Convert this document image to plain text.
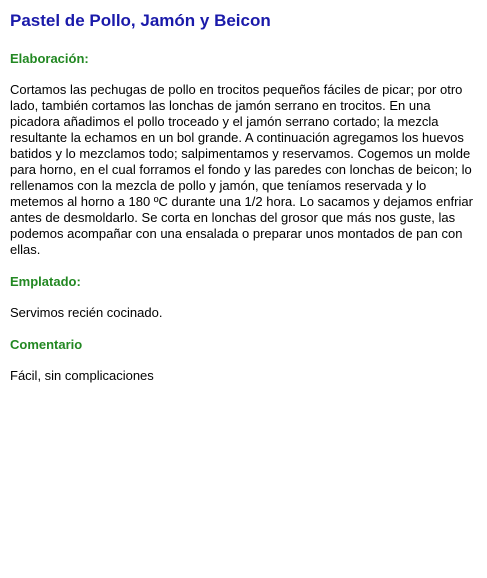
Pastel de Pollo, Jamón y Beicon
Elaboración:

Cortamos las pechugas de pollo en trocitos pequeños fáciles de picar; por otro lado, también cortamos las lonchas de jamón serrano en trocitos. En una picadora añadimos el pollo troceado y el jamón serrano cortado; la mezcla resultante la echamos en un bol grande. A continuación agregamos los huevos batidos y lo mezclamos todo; salpimentamos y reservamos. Cogemos un molde para horno, en el cual forramos el fondo y las paredes con lonchas de beicon; lo rellenamos con la mezcla de pollo y jamón, que teníamos reservada y lo metemos al horno a 180 ºC durante una 1/2 hora. Lo sacamos y dejamos enfriar antes de desmoldarlo. Se corta en lonchas del grosor que más nos guste, las podemos acompañar con una ensalada o preparar unos montados de pan con ellas.

Emplatado:

Servimos recién cocinado.

Comentario

Fácil, sin complicaciones
